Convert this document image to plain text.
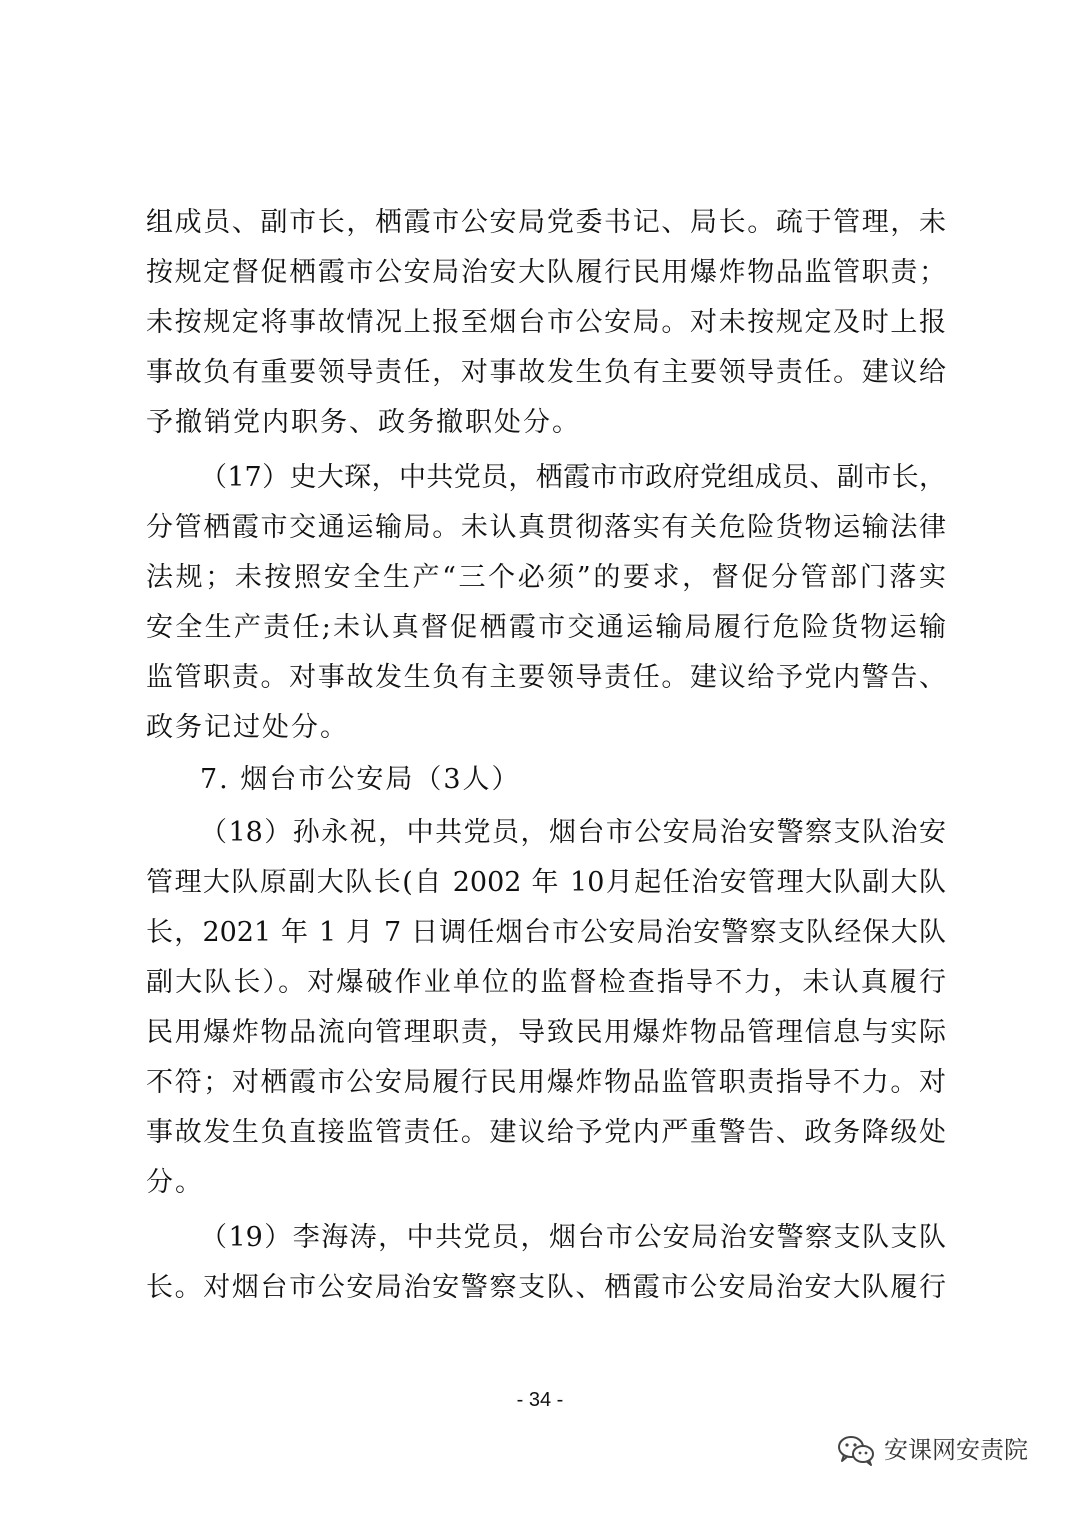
组成员、副市长，栖霞市公安局党委书记、局长。疏于管理，未
按规定督促栖霞市公安局治安大队履行民用爆炸物品监管职责；
未按规定将事故情况上报至烟台市公安局。对未按规定及时上报
事故负有重要领导责任，对事故发生负有主要领导责任。建议给
予撤销党内职务、政务撤职处分。
（17）史大琛，中共党员，栖霞市市政府党组成员、副市长，
分管栖霞市交通运输局。未认真贯彻落实有关危险货物运输法律
法规；未按照安全生产“三个必须”的要求，督促分管部门落实
安全生产责任;未认真督促栖霞市交通运输局履行危险货物运输
监管职责。对事故发生负有主要领导责任。建议给予党内警告、
政务记过处分。
7. 烟台市公安局（3人）
（18）孙永祝，中共党员，烟台市公安局治安警察支队治安
管理大队原副大队长(自 2002 年 10月起任治安管理大队副大队
长，2021 年 1 月 7 日调任烟台市公安局治安警察支队经保大队
副大队长）。对爆破作业单位的监督检查指导不力，未认真履行
民用爆炸物品流向管理职责，导致民用爆炸物品管理信息与实际
不符；对栖霞市公安局履行民用爆炸物品监管职责指导不力。对
事故发生负直接监管责任。建议给予党内严重警告、政务降级处
分。
（19）李海涛，中共党员，烟台市公安局治安警察支队支队
长。对烟台市公安局治安警察支队、栖霞市公安局治安大队履行
- 34 -
安课网安责院
